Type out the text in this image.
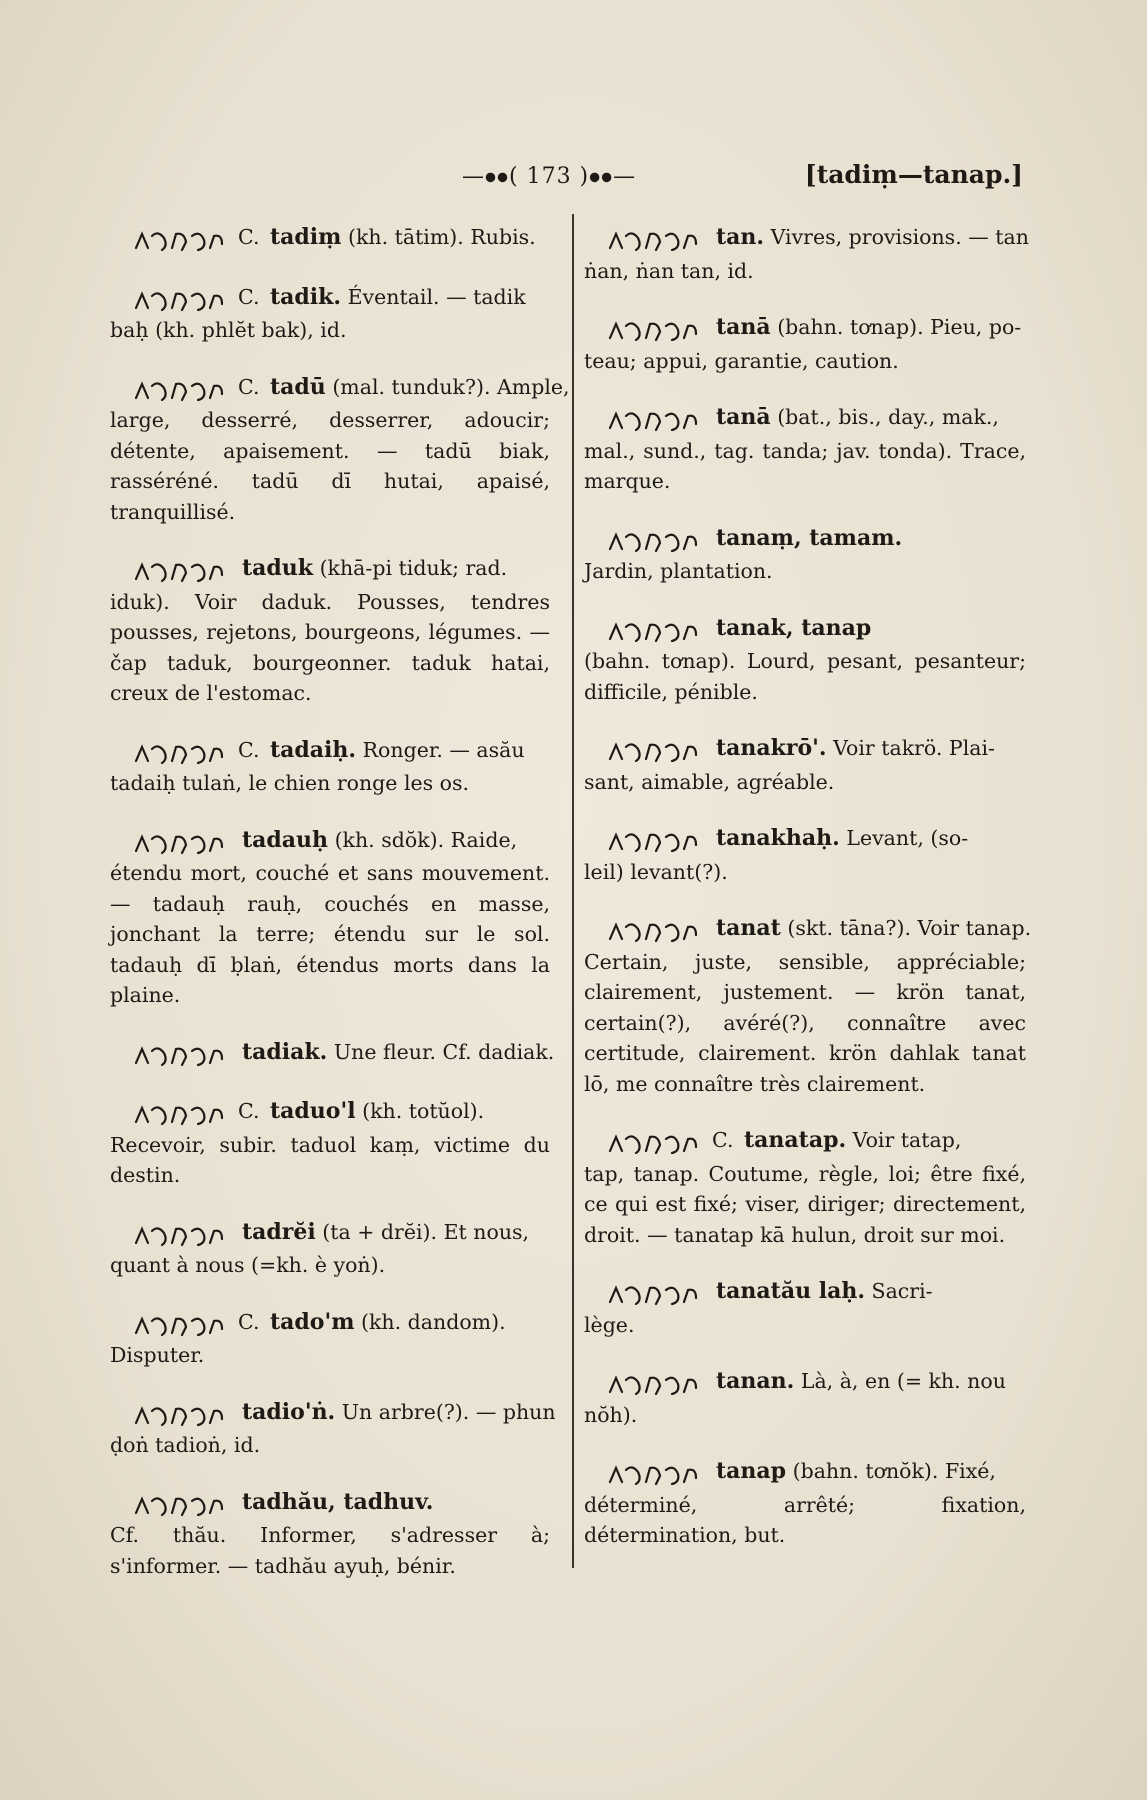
—⦁⦁( 173 )⦁⦁—	[tadiṃ—tanap.]
C. tadiṃ (kh. tātim). Rubis.
C. tadik. Éventail. — tadik
baḥ (kh. phlĕt bak), id.
C. tadū (mal. tunduk?). Ample,
large, desserré, desserrer, adoucir; détente, apaisement. — tadū biak, rasséréné. tadū dī hutai, apaisé, tranquillisé.
taduk (khā-pi tiduk; rad.
iduk). Voir daduk. Pousses, tendres pousses, rejetons, bourgeons, légumes. — čap taduk, bourgeonner. taduk hatai, creux de l'estomac.
C. tadaiḥ. Ronger. — asău
tadaiḥ tulaṅ, le chien ronge les os.
tadauḥ (kh. sdŏk). Raide,
étendu mort, couché et sans mouvement. — tadauḥ rauḥ, couchés en masse, jonchant la terre; étendu sur le sol. tadauḥ dī ḅlaṅ, étendus morts dans la plaine.
tadiak. Une fleur. Cf. dadiak.
C. taduo'l (kh. totŭol).
Recevoir, subir. taduol kaṃ, victime du destin.
tadrĕi (ta + drĕi). Et nous,
quant à nous (=kh. è yoṅ).
C. tado'm (kh. dandom).
Disputer.
tadio'ṅ. Un arbre(?). — phun
ḍoṅ tadioṅ, id.
tadhău, tadhuv.
Cf. thău. Informer, s'adresser à; s'informer. — tadhău ayuḥ, bénir.
tan. Vivres, provisions. — tan
ṅan, ṅan tan, id.
tanā (bahn. tơnap). Pieu, po-
teau; appui, garantie, caution.
tanā (bat., bis., day., mak.,
mal., sund., tag. tanda; jav. tonda). Trace, marque.
tanaṃ, tamam.
Jardin, plantation.
tanak, tanap
(bahn. tơnap). Lourd, pesant, pesanteur; difficile, pénible.
tanakrō'. Voir takrö. Plai-
sant, aimable, agréable.
tanakhaḥ. Levant, (so-
leil) levant(?).
tanat (skt. tāna?). Voir tanap.
Certain, juste, sensible, appréciable; clairement, justement. — krön tanat, certain(?), avéré(?), connaître avec certitude, clairement. krön dahlak tanat lō, me connaître très clairement.
C. tanatap. Voir tatap,
tap, tanap. Coutume, règle, loi; être fixé, ce qui est fixé; viser, diriger; directement, droit. — tanatap kā hulun, droit sur moi.
tanatău laḥ. Sacri-
lège.
tanan. Là, à, en (= kh. nou
nŏh).
tanap (bahn. tơnŏk). Fixé,
déterminé, arrêté; fixation, détermination, but.
